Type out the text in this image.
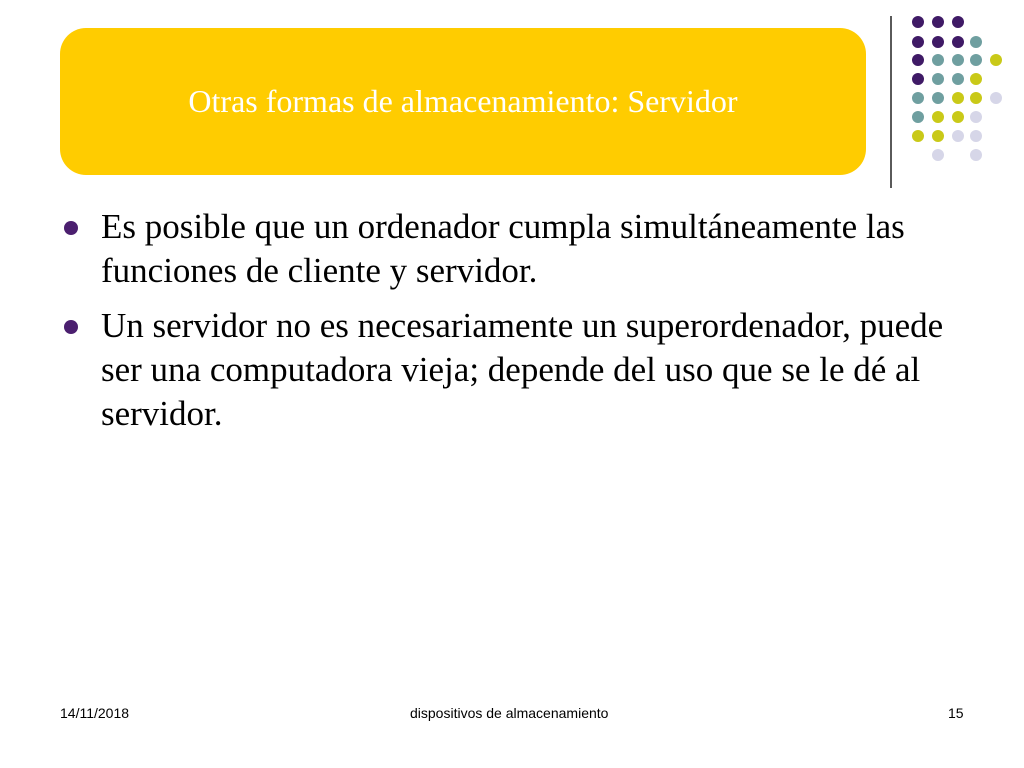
Otras formas de almacenamiento: Servidor
Es posible que un ordenador cumpla simultáneamente las funciones de cliente y servidor.
Un servidor no es necesariamente un superordenador, puede ser una computadora vieja; depende del uso que se le dé al servidor.
14/11/2018	dispositivos de almacenamiento	15
